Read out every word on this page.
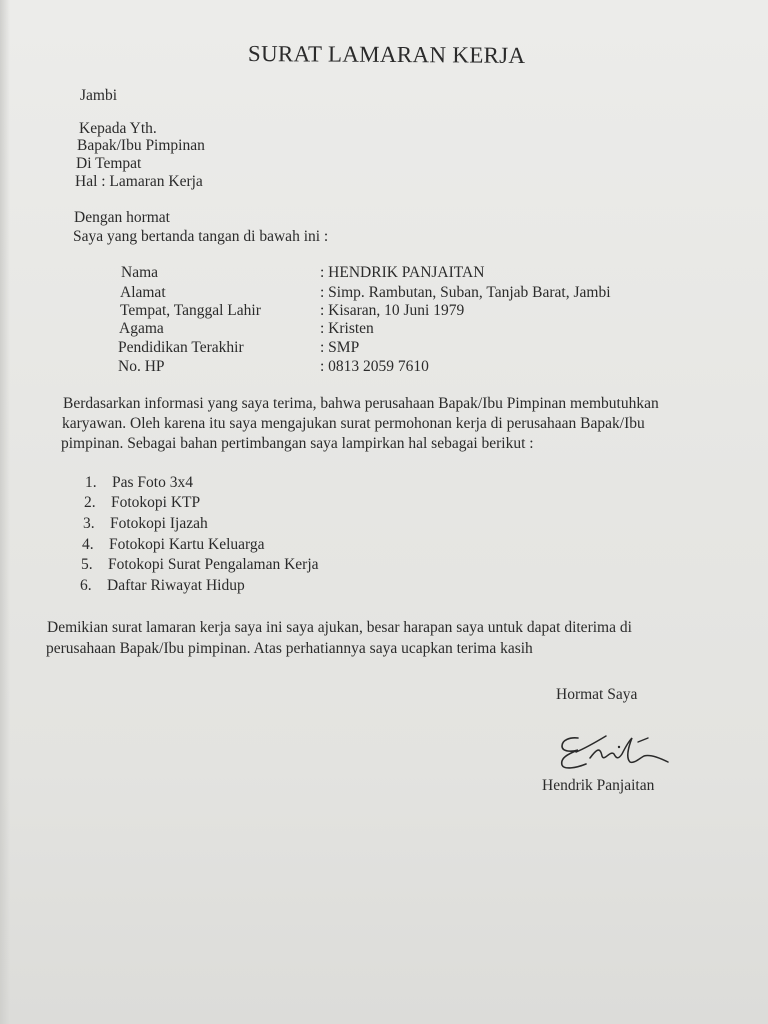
SURAT LAMARAN KERJA
Jambi
Kepada Yth.
Bapak/Ibu Pimpinan
Di Tempat
Hal : Lamaran Kerja
Dengan hormat
Saya yang bertanda tangan di bawah ini :
Nama	: HENDRIK PANJAITAN
Alamat	: Simp. Rambutan, Suban, Tanjab Barat, Jambi
Tempat, Tanggal Lahir	: Kisaran, 10 Juni 1979
Agama	: Kristen
Pendidikan Terakhir	: SMP
No. HP	: 0813 2059 7610
Berdasarkan informasi yang saya terima, bahwa perusahaan Bapak/Ibu Pimpinan membutuhkan
karyawan. Oleh karena itu saya mengajukan surat permohonan kerja di perusahaan Bapak/Ibu
pimpinan. Sebagai bahan pertimbangan saya lampirkan hal sebagai berikut :
1. Pas Foto 3x4
2. Fotokopi KTP
3. Fotokopi Ijazah
4. Fotokopi Kartu Keluarga
5. Fotokopi Surat Pengalaman Kerja
6. Daftar Riwayat Hidup
Demikian surat lamaran kerja saya ini saya ajukan, besar harapan saya untuk dapat diterima di
perusahaan Bapak/Ibu pimpinan. Atas perhatiannya saya ucapkan terima kasih
Hormat Saya
Hendrik Panjaitan
